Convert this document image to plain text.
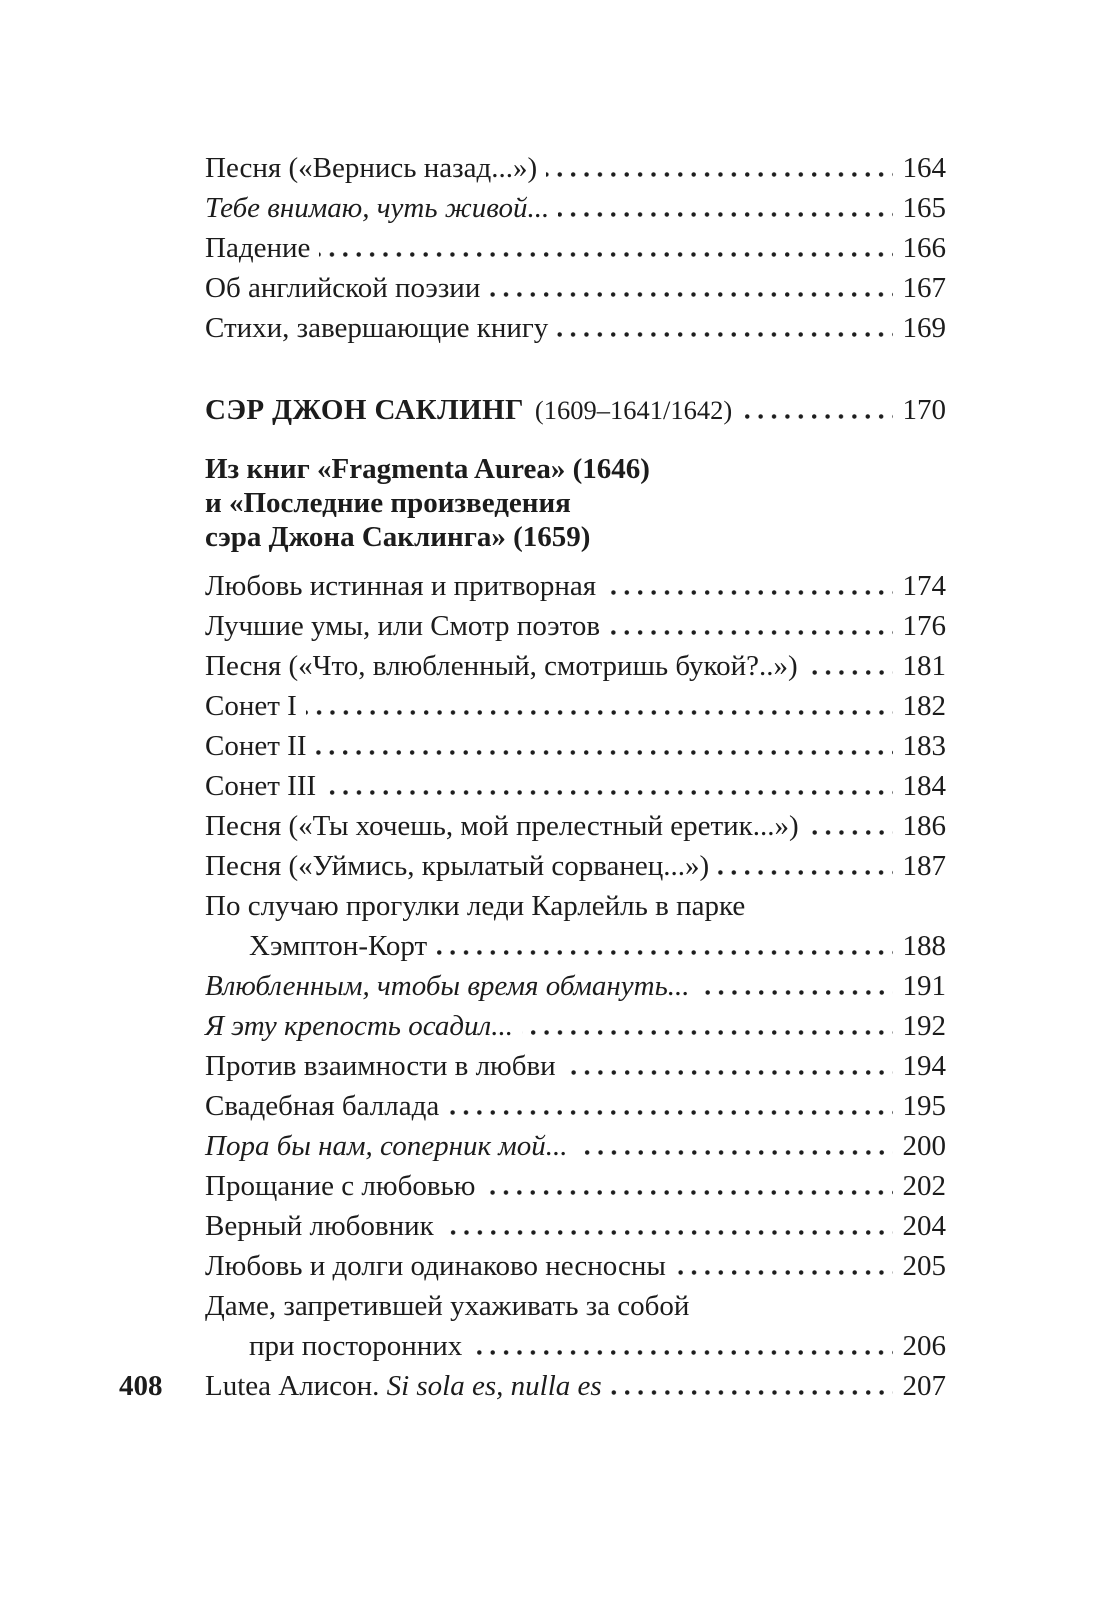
Песня («Вернись назад...»)	164
Тебе внимаю, чуть живой...	165
Падение	166
Об английской поэзии	167
Стихи, завершающие книгу	169
СЭР ДЖОН САКЛИНГ (1609–1641/1642)	170
Из книг «Fragmenta Aurea» (1646)
и «Последние произведения
сэра Джона Саклинга» (1659)
Любовь истинная и притворная	174
Лучшие умы, или Смотр поэтов	176
Песня («Что, влюбленный, смотришь букой?..»)	181
Сонет I	182
Сонет II	183
Сонет III	184
Песня («Ты хочешь, мой прелестный еретик...»)	186
Песня («Уймись, крылатый сорванец...»)	187
По случаю прогулки леди Карлейль в парке
Хэмптон-Корт	188
Влюбленным, чтобы время обмануть...	191
Я эту крепость осадил...	192
Против взаимности в любви	194
Свадебная баллада	195
Пора бы нам, соперник мой...	200
Прощание с любовью	202
Верный любовник	204
Любовь и долги одинаково несносны	205
Даме, запретившей ухаживать за собой
при посторонних	206
408 Lutea Алисон. Si sola es, nulla es	207
